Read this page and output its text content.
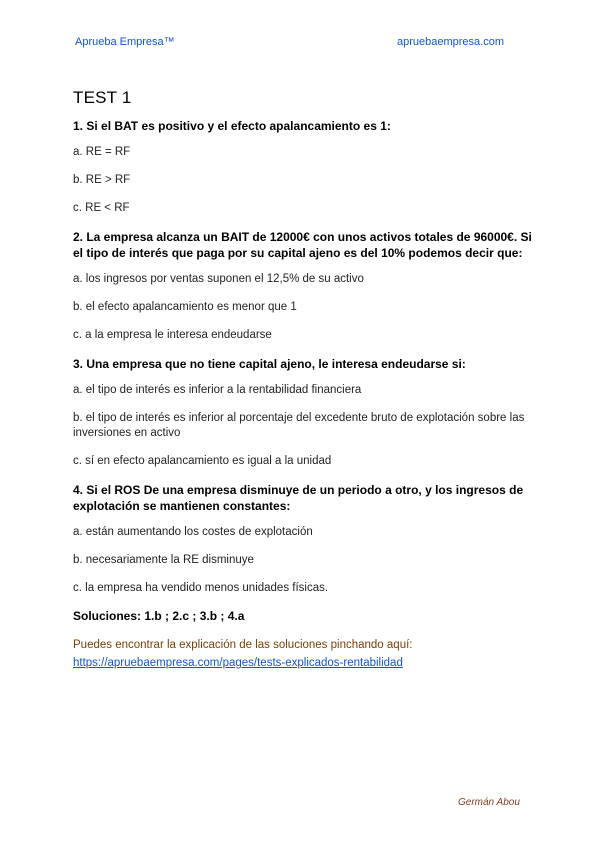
Aprueba Empresa™	apruebaempresa.com
TEST 1

1. Si el BAT es positivo y el efecto apalancamiento es 1:

a. RE = RF

b. RE > RF

c. RE < RF

2. La empresa alcanza un BAIT de 12000€ con unos activos totales de 96000€. Si el tipo de interés que paga por su capital ajeno es del 10% podemos decir que:

a. los ingresos por ventas suponen el 12,5% de su activo

b. el efecto apalancamiento es menor que 1

c. a la empresa le interesa endeudarse

3. Una empresa que no tiene capital ajeno, le interesa endeudarse si:

a. el tipo de interés es inferior a la rentabilidad financiera

b. el tipo de interés es inferior al porcentaje del excedente bruto de explotación sobre las inversiones en activo

c. sí en efecto apalancamiento es igual a la unidad

4. Si el ROS De una empresa disminuye de un periodo a otro, y los ingresos de explotación se mantienen constantes:

a. están aumentando los costes de explotación

b. necesariamente la RE disminuye

c. la empresa ha vendido menos unidades físicas.

Soluciones: 1.b ; 2.c ; 3.b ; 4.a

Puedes encontrar la explicación de las soluciones pinchando aquí:

https://apruebaempresa.com/pages/tests-explicados-rentabilidad
Germán Abou
